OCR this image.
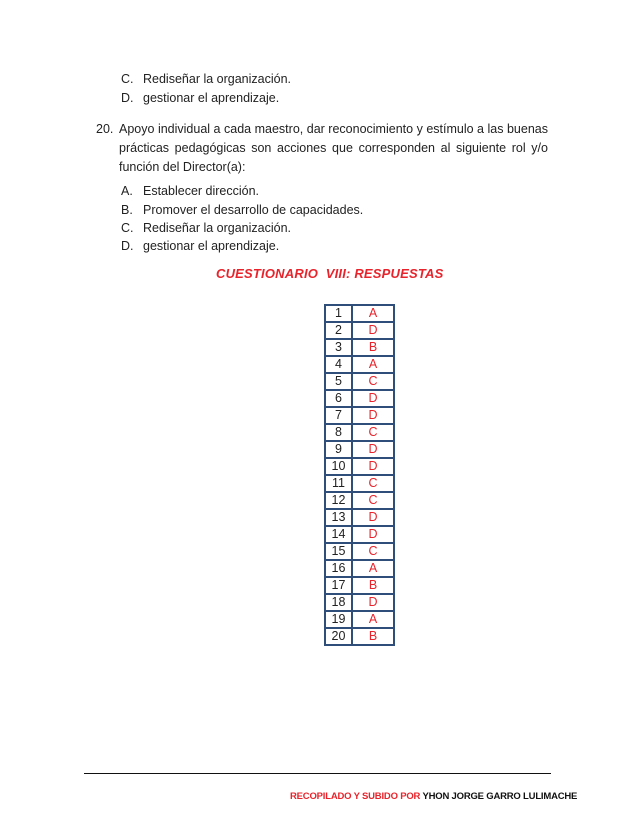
C. Rediseñar la organización.
D. gestionar el aprendizaje.
20. Apoyo individual a cada maestro, dar reconocimiento y estímulo a las buenas prácticas pedagógicas son acciones que corresponden al siguiente rol y/o función del Director(a):
A. Establecer dirección.
B. Promover el desarrollo de capacidades.
C. Rediseñar la organización.
D. gestionar el aprendizaje.
CUESTIONARIO  VIII: RESPUESTAS
1	A
2	D
3	B
4	A
5	C
6	D
7	D
8	C
9	D
10	D
11	C
12	C
13	D
14	D
15	C
16	A
17	B
18	D
19	A
20	B
RECOPILADO Y SUBIDO POR YHON JORGE GARRO LULIMACHE
